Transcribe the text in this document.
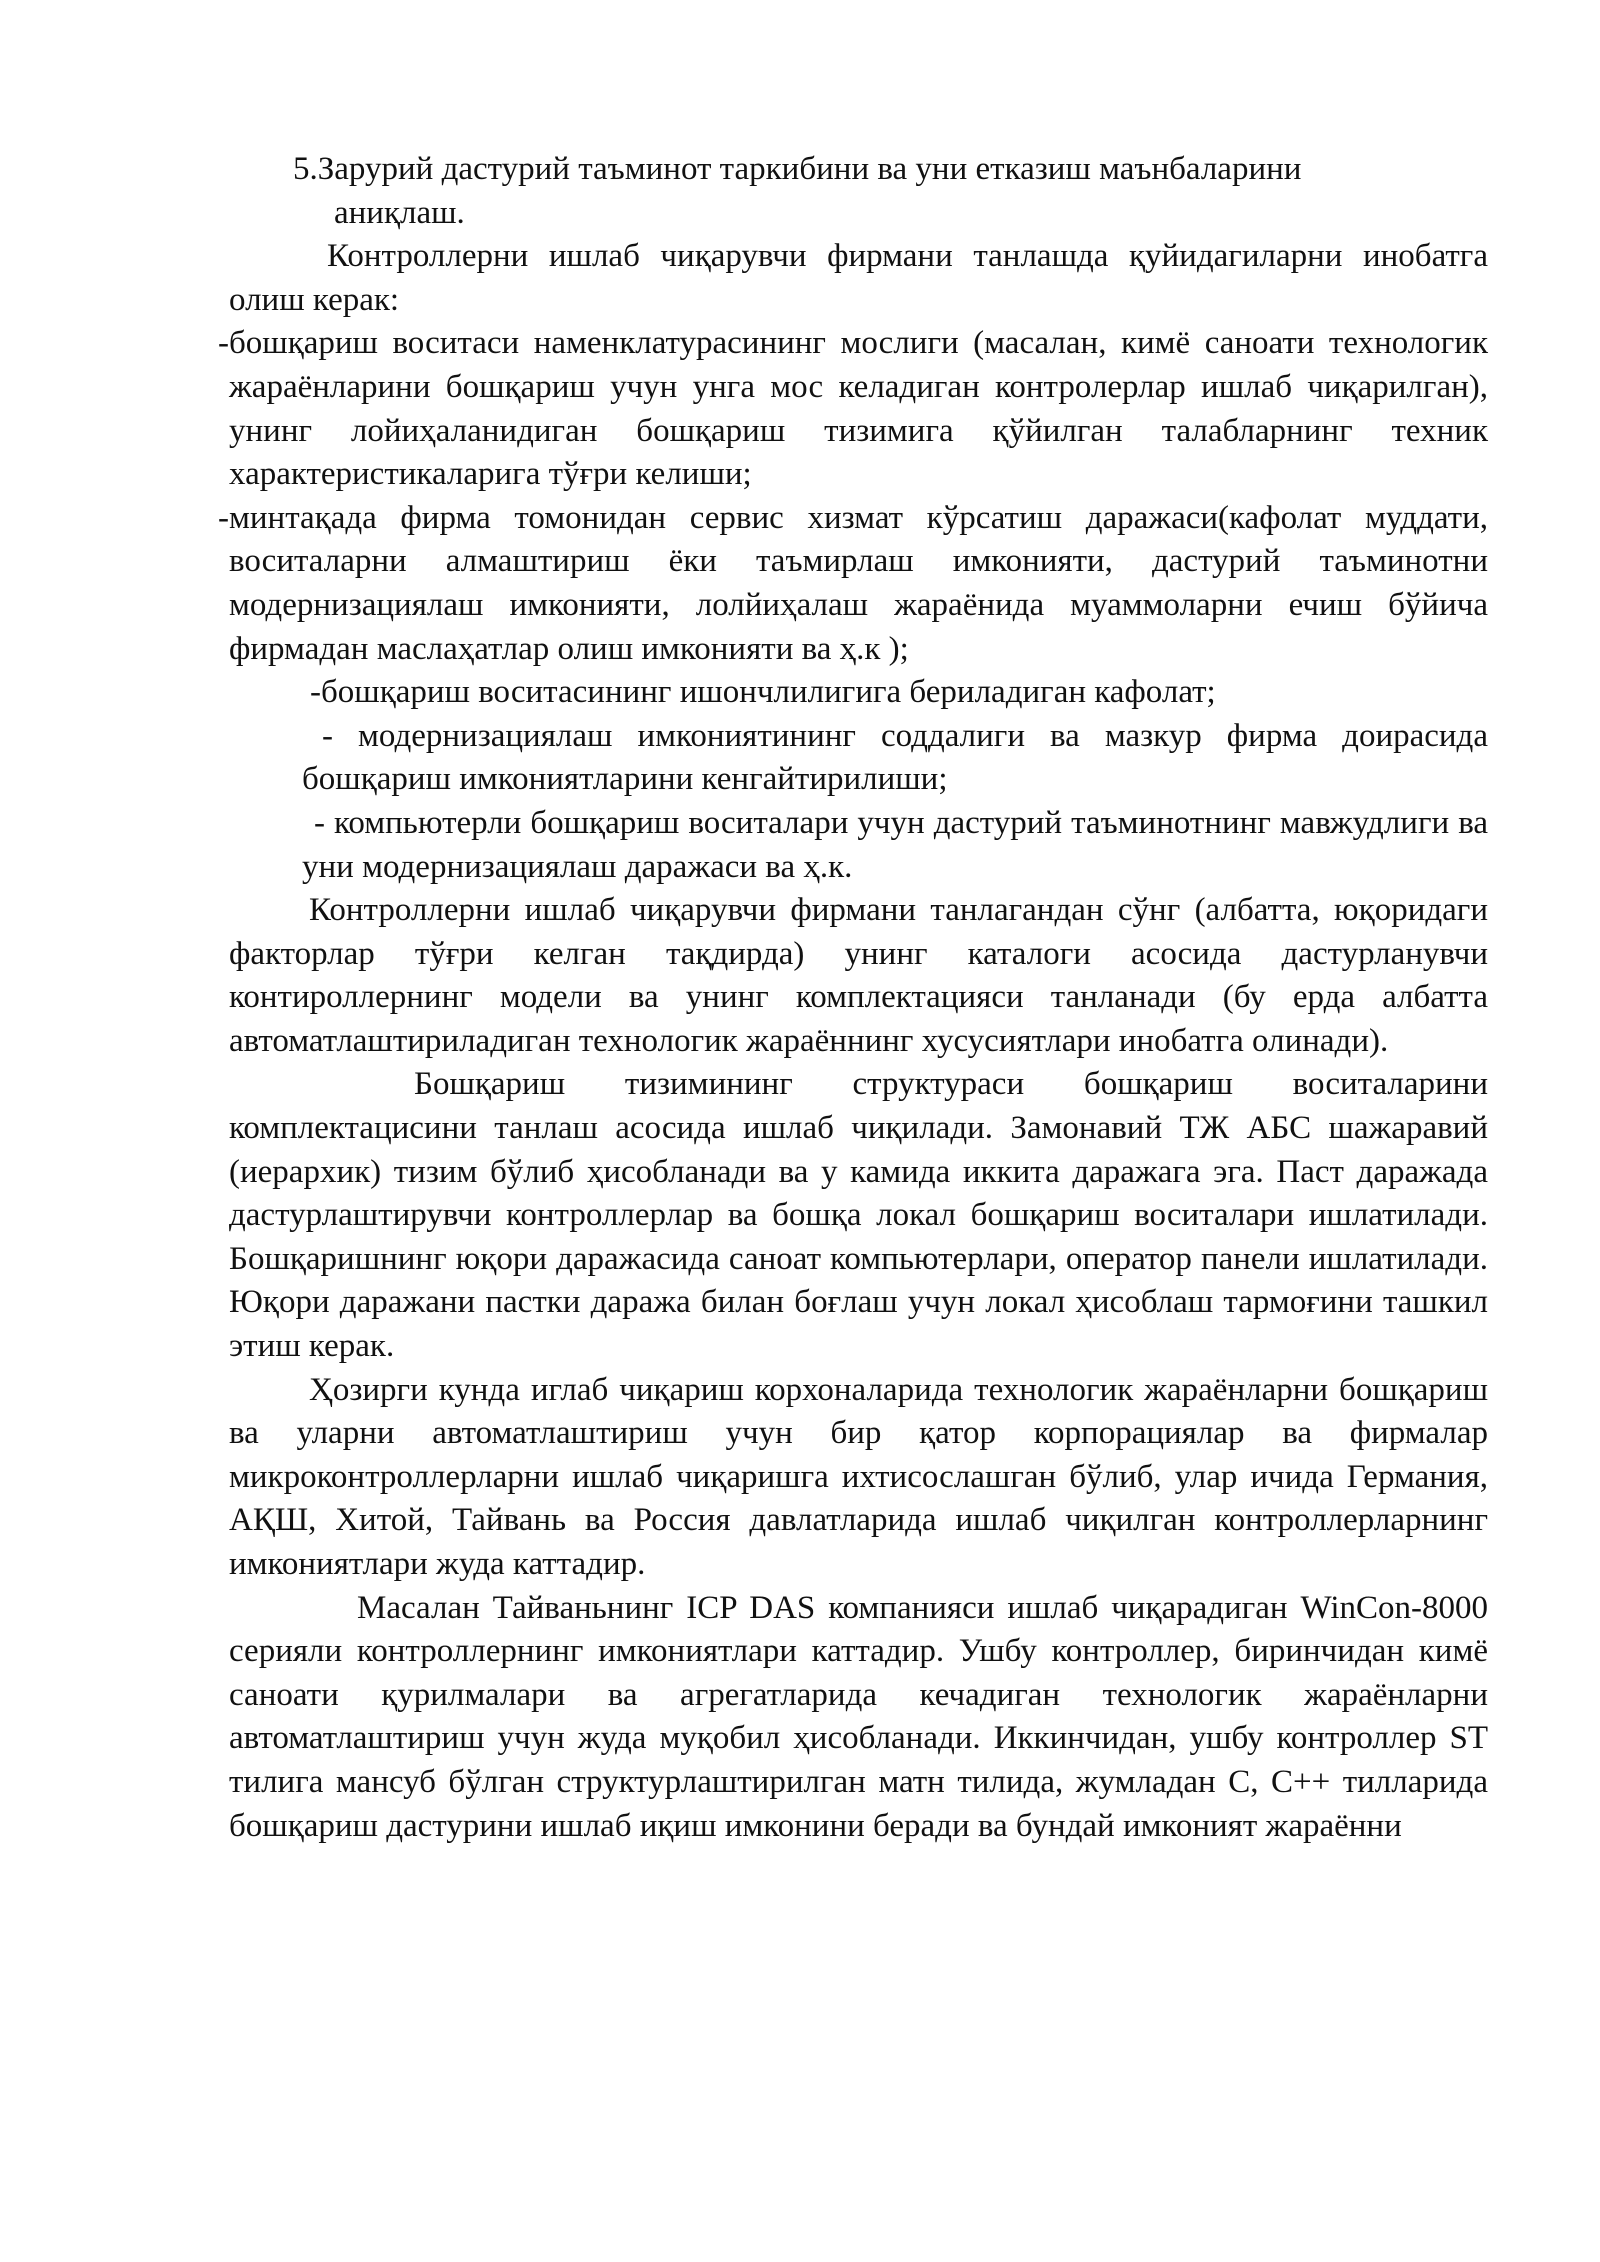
5.Зарурий дастурий таъминот таркибини ва уни етказиш маънбаларини
аниқлаш.

Контроллерни ишлаб чиқарувчи фирмани танлашда қуйидагиларни инобатга олиш керак:

-бошқариш воситаси наменклатурасининг мослиги (масалан, кимё саноати технологик жараёнларини бошқариш учун унга мос келадиган контролерлар ишлаб чиқарилган), унинг лойиҳаланидиган бошқариш тизимига қўйилган талабларнинг техник характеристикаларига тўғри келиши;

-минтақада фирма томонидан сервис хизмат кўрсатиш даражаси(кафолат муддати, воситаларни алмаштириш ёки таъмирлаш имконияти, дастурий таъминотни модернизациялаш имконияти, лолйиҳалаш жараёнида муаммоларни ечиш бўйича фирмадан маслаҳатлар олиш имконияти ва ҳ.к );

-бошқариш воситасининг ишончлилигига бериладиган кафолат;

- модернизациялаш имкониятининг соддалиги ва мазкур фирма доирасида бошқариш имкониятларини кенгайтирилиши;

- компьютерли бошқариш воситалари учун дастурий таъминотнинг мавжудлиги ва уни модернизациялаш даражаси ва ҳ.к.

Контроллерни ишлаб чиқарувчи фирмани танлагандан сўнг (албатта, юқоридаги факторлар тўғри келган тақдирда) унинг каталоги асосида дастурланувчи контироллернинг модели ва унинг комплектацияси танланади (бу ерда албатта автоматлаштириладиган технологик жараённинг хусусиятлари инобатга олинади).

Бошқариш тизимининг структураси бошқариш воситаларини комплектацисини танлаш асосида ишлаб чиқилади. Замонавий ТЖ АБС шажаравий (иерархик) тизим бўлиб ҳисобланади ва у камида иккита даражага эга. Паст даражада дастурлаштирувчи контроллерлар ва бошқа локал бошқариш воситалари ишлатилади. Бошқаришнинг юқори даражасида саноат компьютерлари, оператор панели ишлатилади. Юқори даражани пастки даража билан боғлаш учун локал ҳисоблаш тармоғини ташкил этиш керак.

Ҳозирги кунда иглаб чиқариш корхоналарида технологик жараёнларни бошқариш ва уларни автоматлаштириш учун бир қатор корпорациялар ва фирмалар микроконтроллерларни ишлаб чиқаришга ихтисослашган бўлиб, улар ичида Германия, АҚШ, Хитой, Тайвань ва Россия давлатларида ишлаб чиқилган контроллерларнинг имкониятлари жуда каттадир.

Масалан Тайваньнинг ICP DAS компанияси ишлаб чиқарадиган WinCon-8000 серияли контроллернинг имкониятлари каттадир. Ушбу контроллер, биринчидан кимё саноати қурилмалари ва агрегатларида кечадиган технологик жараёнларни автоматлаштириш учун жуда муқобил ҳисобланади. Иккинчидан, ушбу контроллер ST тилига мансуб бўлган структурлаштирилган матн тилида, жумладан С, С++ тилларида бошқариш дастурини ишлаб иқиш имконини беради ва бундай имконият жараённи
